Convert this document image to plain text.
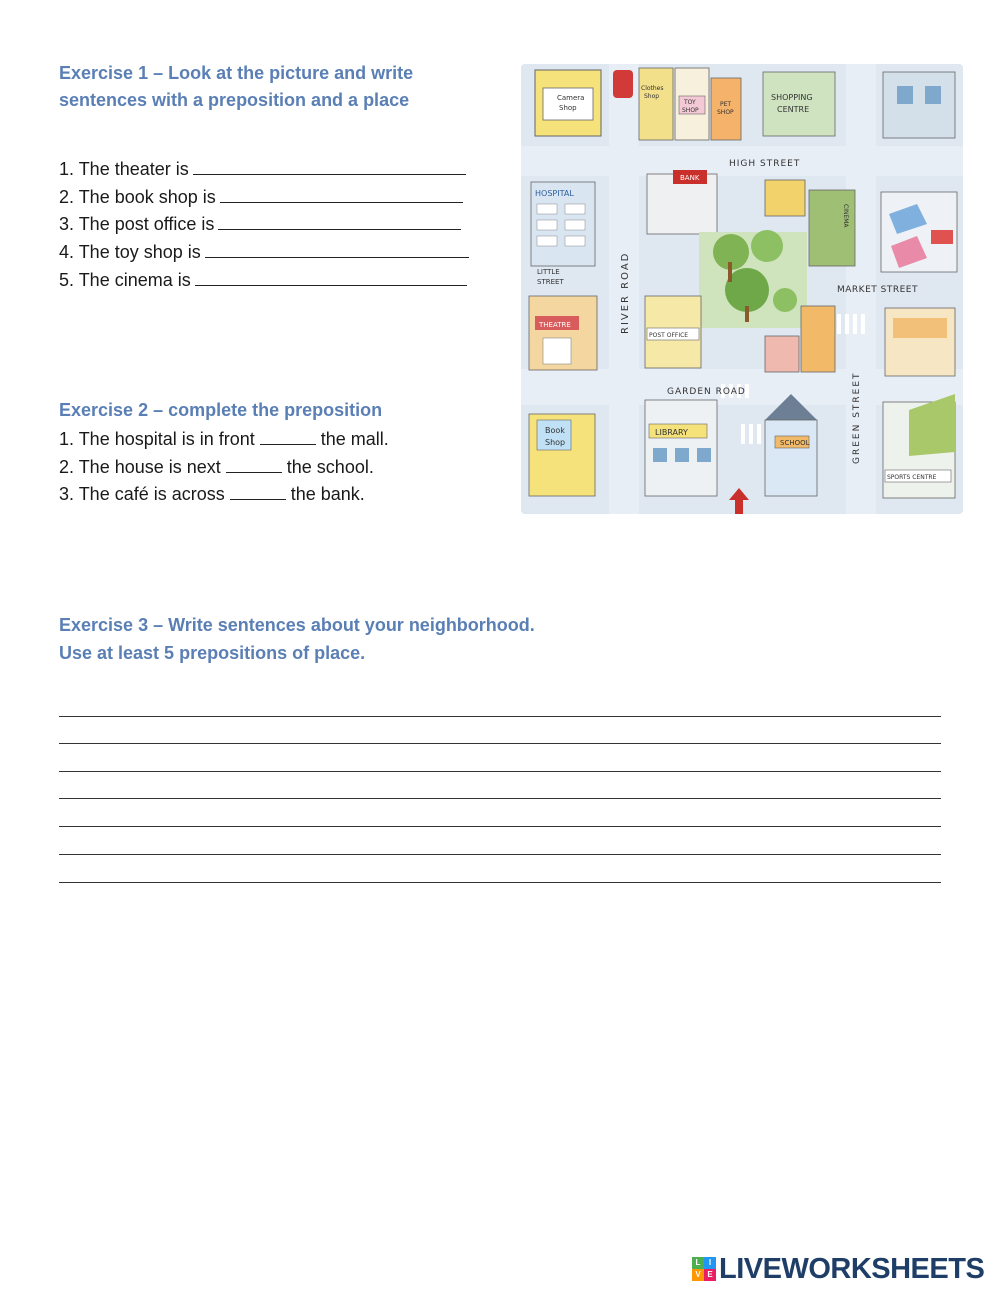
Exercise 1 – Look at the picture and write

sentences with a preposition and a place

1. The theater is
2. The book shop is
3. The post office is
4. The toy shop is
5. The cinema is

Exercise 2 – complete the preposition

1. The hospital is in front	the mall.
2. The house is next	the school.
3. The café is across	the bank.

Exercise 3 – Write sentences about your neighborhood.

Use at least 5 prepositions of place.

Camera
Shop
Clothes
Shop
TOY
SHOP
PET
SHOP
SHOPPING
CENTRE
HIGH STREET
HOSPITAL
LITTLE
STREET	RIVER ROAD
BANK
CINEMA
MARKET STREET
THEATRE
POST OFFICE
GARDEN ROAD	GREEN STREET
Book
Shop
LIBRARY
SCHOOL
SPORTS CENTRE
L	I
V E LIVEWORKSHEETS
